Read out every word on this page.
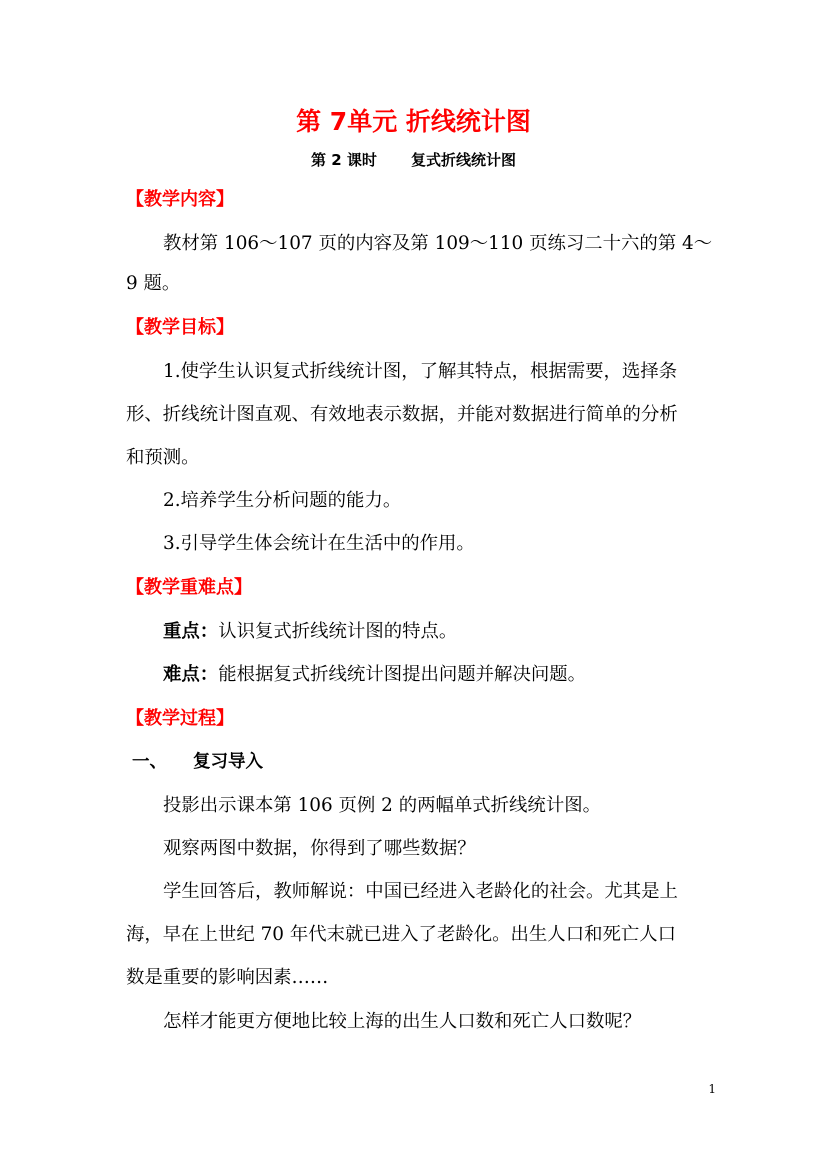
第 7单元 折线统计图
第 2 课时 复式折线统计图
【教学内容】
教材第 106～107 页的内容及第 109～110 页练习二十六的第 4～
9 题。
【教学目标】
1.使学生认识复式折线统计图，了解其特点，根据需要，选择条
形、折线统计图直观、有效地表示数据，并能对数据进行简单的分析
和预测。
2.培养学生分析问题的能力。
3.引导学生体会统计在生活中的作用。
【教学重难点】
重点：认识复式折线统计图的特点。
难点：能根据复式折线统计图提出问题并解决问题。
【教学过程】
一、 复习导入
投影出示课本第 106 页例 2 的两幅单式折线统计图。
观察两图中数据，你得到了哪些数据？
学生回答后，教师解说：中国已经进入老龄化的社会。尤其是上
海，早在上世纪 70 年代末就已进入了老龄化。出生人口和死亡人口
数是重要的影响因素……
怎样才能更方便地比较上海的出生人口数和死亡人口数呢？
1
